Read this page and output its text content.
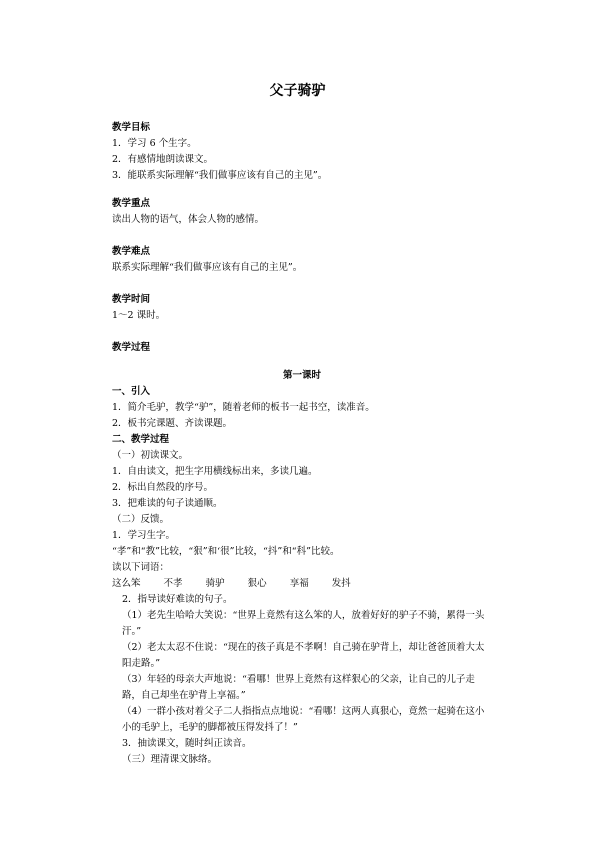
父子骑驴
教学目标
1．学习 6 个生字。
2．有感情地朗读课文。
3．能联系实际理解“我们做事应该有自己的主见”。
教学重点
读出人物的语气，体会人物的感情。
教学难点
联系实际理解“我们做事应该有自己的主见”。
教学时间
1～2 课时。
教学过程
第一课时
一、引入
1．简介毛驴，教学“驴”，随着老师的板书一起书空，读准音。
2．板书完课题、齐读课题。
二、教学过程
（一）初读课文。
1．自由读文，把生字用横线标出来，多读几遍。
2．标出自然段的序号。
3．把难读的句子读通顺。
（二）反馈。
1．学习生字。
“孝”和“教”比较，“狠”和‘很”比较，“抖”和“科”比较。
读以下词语：
这么笨 不孝 骑驴 狠心 享福 发抖
2．指导读好难读的句子。
（1）老先生哈哈大笑说：“世界上竟然有这么笨的人，放着好好的驴子不骑，累得一头汗。”
（2）老太太忍不住说：“现在的孩子真是不孝啊！自己骑在驴背上，却让爸爸顶着大太阳走路。”
（3）年轻的母亲大声地说：“看哪！世界上竟然有这样狠心的父亲，让自己的儿子走路，自己却坐在驴背上享福。”
（4）一群小孩对着父子二人指指点点地说：“看哪！这两人真狠心，竟然一起骑在这小小的毛驴上，毛驴的脚都被压得发抖了！”
3．抽读课文，随时纠正读音。
（三）理清课文脉络。
